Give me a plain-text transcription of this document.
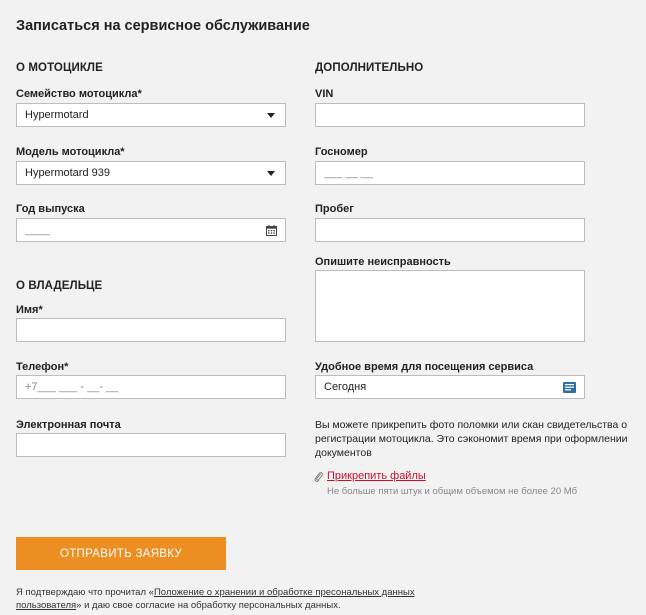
Записаться на сервисное обслуживание
О МОТОЦИКЛЕ
Семейство мотоцикла*
Hypermotard
Модель мотоцикла*
Hypermotard 939
Год выпуска
____
О ВЛАДЕЛЬЦЕ
Имя*
Телефон*
+7___ ___ - __- __
Электронная почта
ДОПОЛНИТЕЛЬНО
VIN
Госномер
___ __ __
Пробег
Опишите неисправность
Удобное время для посещения сервиса
Сегодня
Вы можете прикрепить фото поломки или скан свидетельства о регистрации мотоцикла. Это сэкономит время при оформлении документов
Прикрепить файлы
Не больше пяти штук и общим объемом не более 20 Мб
ОТПРАВИТЬ ЗАЯВКУ
Я подтверждаю что прочитал «Положение о хранении и обработке пресональных данных пользователя» и даю свое согласие на обработку персональных данных.
